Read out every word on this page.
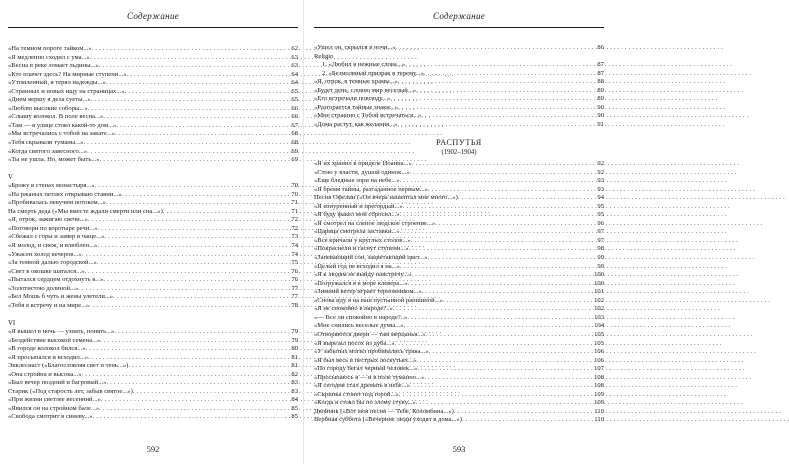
Содержание
«На темном пороге тайком...» . . .	62
«Я медленно сходил с ума...» . . .	63
«Весна в реке ломает льдины...» . . .	63
«Кто плачет здесь? На мирные ступени...» . . .	64
«Утомленный, я терял надежды...» . . .	64
«Странных и новых ищу на страницах...» . . .	65
«Днем вершу я дела суеты...» . . .	65
«Люблю высокие соборы...» . . .	66
«Слышу колокол. В поле весна...» . . .	66
«Там — в улице стоял какой-то дом...» . . .	67
«Мы встречались с тобой на закате...» . . .	68
«Тебя скрывали туманы...» . . .	68
«Когда святого завесного...» . . .	69
«Ты не ушла. Но, может быть...» . . .	69
V
«Брожу в стенах монастыря...» . . .	70
«На ржаных петлях открываю ставни...» . . .	70
«Пробивалась певучим потоком...» . . .	71
На смерть деда («Мы вместе ждали смерти или сна...») . . .	71
«Я, отрок, зажигаю свечи...» . . .	72
«Поговори по коротыре речи...» . . .	72
«Сбежал с горы и замер в чаще...» . . .	73
«Я молод, и свеж, и влюблен...» . . .	74
«Ужасен холод вечеров...» . . .	74
«За темной далью городской...» . . .	75
«Свет в окошке шатался...» . . .	76
«Пытался сердцем отдохнуть я...» . . .	76
«Золотистою долиной...» . . .	77
«Бел Мошь б чуть и жены улетели...» . . .	77
«Тебя я встречу и на мире...» . . .	78
VI
«Я вышел в ночь — узнать, понять...» . . .	79
«Бездействие высокой семена...» . . .	79
«В городе колокол бился...» . . .	80
«Я просыпался и всходил...» . . .	81
Экклесиаст («Благословляя свет и тень...») . . .	81
«Она стройна и высока...» . . .	82
«Был вечер поздний и багровый...» . . .	83
Старик («Под старость лет, забыв святое...») . . .	83
«При жизни светлее весенний...» . . .	84
«Явился он на стройном бале...» . . .	85
«Свобода смотрит в синеву...» . . .	85
592
Содержание
«Ушел он, скрылся в ночи...» . . .	86
Religio
1. «Любил я нежные слова...» . . .	87
2. «Безмолвный призрак в терему...» . . .	87
«Я, отрок, в темные храмы...» . . .	88
«Будет день, словно мир веселый...» . . .	89
«Его встречали повсюду...» . . .	89
«Разгорается тайные знаки...» . . .	90
«Мне страшно с Тобой встречаться...» . . .	90
«Дома растут, как желания...» . . .	91
РАСПУТЬЯ
(1902–1904)
«Я их хранил в приделе Иоанна...» . . .	92
«Стою у власти, душой одинок...» . . .	92
«Еще бледные зори на небе...» . . .	93
«Я бремя тайны, разгаданное первым...» . . .	93
Песня Офелии («Он вчера нашептал мне много...») . . .	94
«Я изнуренный и прегордый...» . . .	95
«Я буду факел мой сбросил...» . . .	95
«Я смотрел на слепое людское строение...» . . .	96
«Царица смотрела заставки...» . . .	97
«Все кричали у круглых столов...» . . .	97
«Покраснели и гаснут ступени...» . . .	98
«Запевающий сон, зацветающий цвет...» . . .	99
«Целый год не всходил я на...» . . .	99
«Я к людям не выйду навстречу...» . . .	100
«Погружался я в море клевера...» . . .	100
«Зимний ветер играет терновником...» . . .	101
«Снова иду я на ваш пустынной рапшиной...» . . .	102
«Я не спокойно в народе?..» . . .	102
«— Все ли спокойно в народе?..» . . .	103
«Мне снились веселые думы...» . . .	104
«Отворяются двери — там мерцанья...» . . .	105
«Я вырезал посох из дуба...» . . .	105
«У забытых могил пробивались трава...» . . .	106
«Я был весь в пестрых лоскутьях...» . . .	106
«По городу бегал черный человек...» . . .	107
«Просыпаюсь я — и в поле туманно...» . . .	108
«Я сегодня стал дремать в небе...» . . .	108
«Скрипка стонет под горой...» . . .	109
«Когда я стоял бы по злому стуку...» . . .	109
Двойник («Вот моя песня — Тебе, Коломбина...») . . .	110
Вербная суббота («Вечерние люди уходят в дома...») . . .	110
593
